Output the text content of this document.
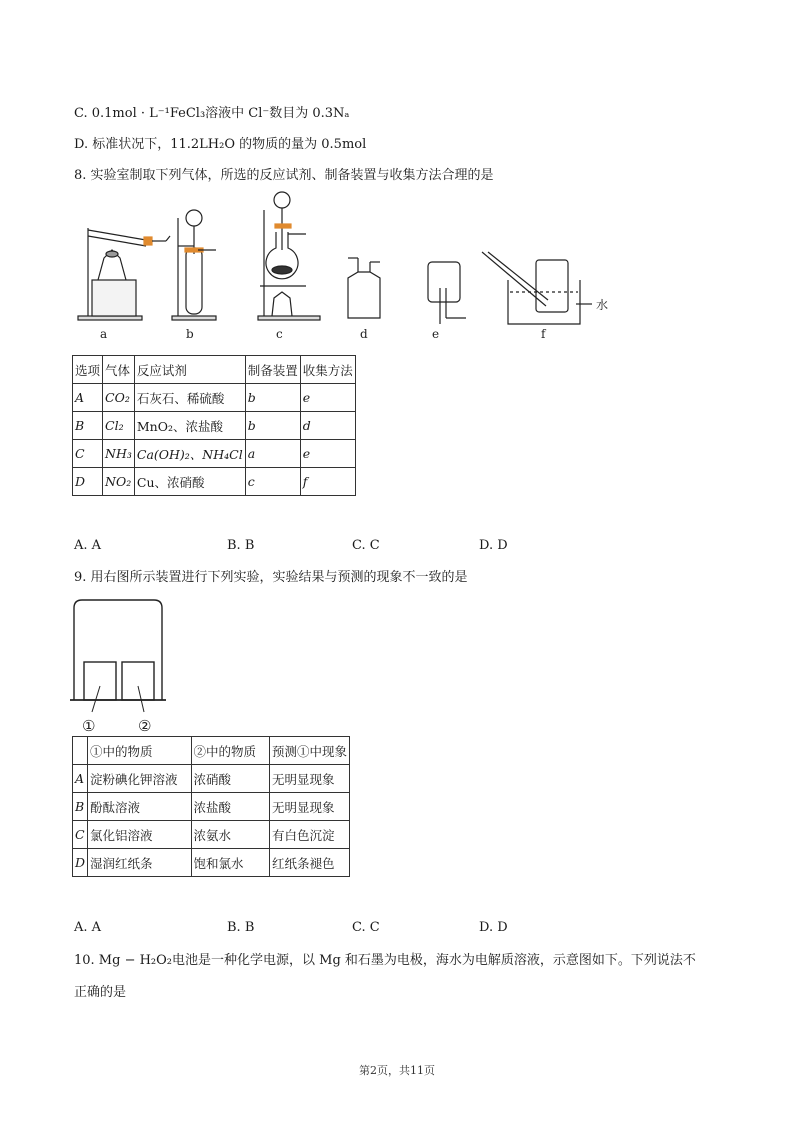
C. 0.1mol · L⁻¹FeCl₃溶液中 Cl⁻数目为 0.3Nₐ
D. 标准状况下，11.2LH₂O 的物质的量为 0.5mol
8. 实验室制取下列气体，所选的反应试剂、制备装置与收集方法合理的是
a	b	c	d	e	f
水
选项	气体	反应试剂	制备装置	收集方法
A	CO₂	石灰石、稀硫酸	b	e
B	Cl₂	MnO₂、浓盐酸	b	d
C	NH₃	Ca(OH)₂、NH₄Cl	a	e
D	NO₂	Cu、浓硝酸	c	f
A. A	B. B	C. C	D. D
9. 用右图所示装置进行下列实验，实验结果与预测的现象不一致的是
①	②
	①中的物质	②中的物质	预测①中现象
A	淀粉碘化钾溶液	浓硝酸	无明显现象
B	酚酞溶液	浓盐酸	无明显现象
C	氯化铝溶液	浓氨水	有白色沉淀
D	湿润红纸条	饱和氯水	红纸条褪色
A. A	B. B	C. C	D. D
10. Mg − H₂O₂电池是一种化学电源，以 Mg 和石墨为电极，海水为电解质溶液，示意图如下。下列说法不
正确的是
第2页，共11页
